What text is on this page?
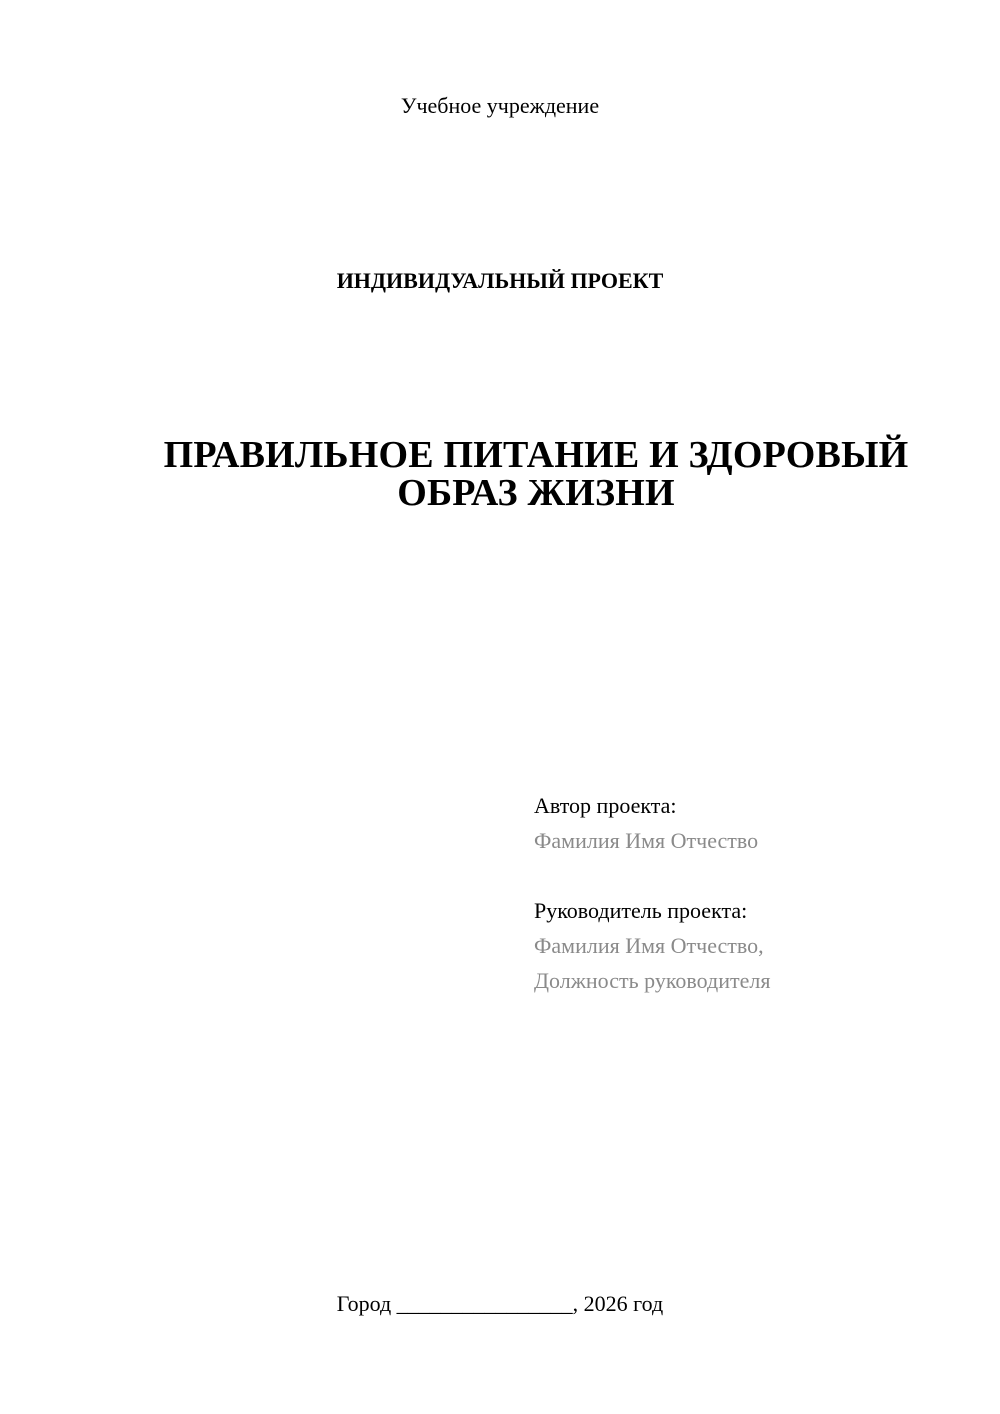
Учебное учреждение
ИНДИВИДУАЛЬНЫЙ ПРОЕКТ
ПРАВИЛЬНОЕ ПИТАНИЕ И ЗДОРОВЫЙ
ОБРАЗ ЖИЗНИ
Автор проекта:
Фамилия Имя Отчество
Руководитель проекта:
Фамилия Имя Отчество,
Должность руководителя
Город ________________, 2026 год
